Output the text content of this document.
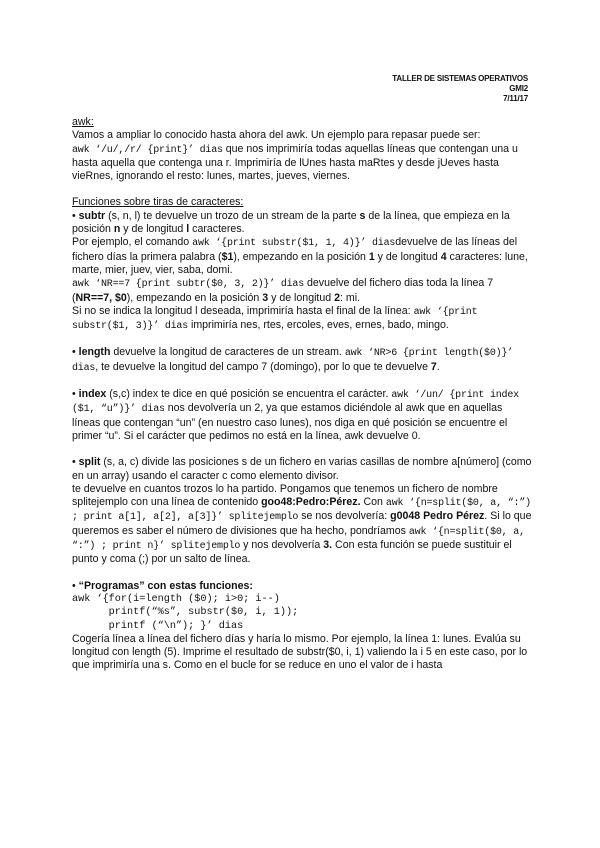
TALLER DE SISTEMAS OPERATIVOS
GMI2
7/11/17

awk:

Vamos a ampliar lo conocido hasta ahora del awk. Un ejemplo para repasar puede ser:
awk ‘/u/,/r/ {print}’ dias que nos imprimiría todas aquellas líneas que contengan una u hasta aquella que contenga una r. Imprimiría de lUnes hasta maRtes y desde jUeves hasta vieRnes, ignorando el resto: lunes, martes, jueves, viernes.

Funciones sobre tiras de caracteres:

• subtr (s, n, l) te devuelve un trozo de un stream de la parte s de la línea, que empieza en la posición n y de longitud l caracteres.

Por ejemplo, el comando awk ‘{print substr($1, 1, 4)}’ diasdevuelve de las líneas del fichero días la primera palabra ($1), empezando en la posición 1 y de longitud 4 caracteres: lune, marte, mier, juev, vier, saba, domi.

awk ‘NR==7 {print subtr($0, 3, 2)}’ dias devuelve del fichero dias toda la línea 7 (NR==7, $0), empezando en la posición 3 y de longitud 2: mi.

Si no se indica la longitud l deseada, imprimiría hasta el final de la línea: awk ‘{print substr($1, 3)}’ dias imprimiría nes, rtes, ercoles, eves, ernes, bado, mingo.

• length devuelve la longitud de caracteres de un stream. awk ‘NR>6 {print length($0)}’ dias, te devuelve la longitud del campo 7 (domingo), por lo que te devuelve 7.

• index (s,c) index te dice en qué posición se encuentra el carácter. awk ‘/un/ {print index ($1, “u”)}’ dias nos devolvería un 2, ya que estamos diciéndole al awk que en aquellas líneas que contengan “un” (en nuestro caso lunes), nos diga en qué posición se encuentre el primer “u”. Si el carácter que pedimos no está en la línea, awk devuelve 0.

• split (s, a, c) divide las posiciones s de un fichero en varias casillas de nombre a[número] (como en un array) usando el caracter c como elemento divisor.

te devuelve en cuantos trozos lo ha partido. Pongamos que tenemos un fichero de nombre splitejemplo con una línea de contenido goo48:Pedro:Pérez. Con awk ‘{n=split($0, a, “:”) ; print a[1], a[2], a[3]}’ splitejemplo se nos devolvería: g0048 Pedro Pérez. Si lo que queremos es saber el número de divisiones que ha hecho, pondríamos awk ‘{n=split($0, a, “:”) ; print n}’ splitejemplo y nos devolvería 3. Con esta función se puede sustituir el punto y coma (;) por un salto de línea.

• “Programas” con estas funciones:

awk ‘{for(i=length ($0); i>0; i--)
printf(“%s”, substr($0, i, 1));
printf (“\n”); }’ dias

Cogería línea a línea del fichero días y haría lo mismo. Por ejemplo, la línea 1: lunes. Evalúa su longitud con length (5). Imprime el resultado de substr($0, i, 1) valiendo la i 5 en este caso, por lo que imprimiría una s. Como en el bucle for se reduce en uno el valor de i hasta
